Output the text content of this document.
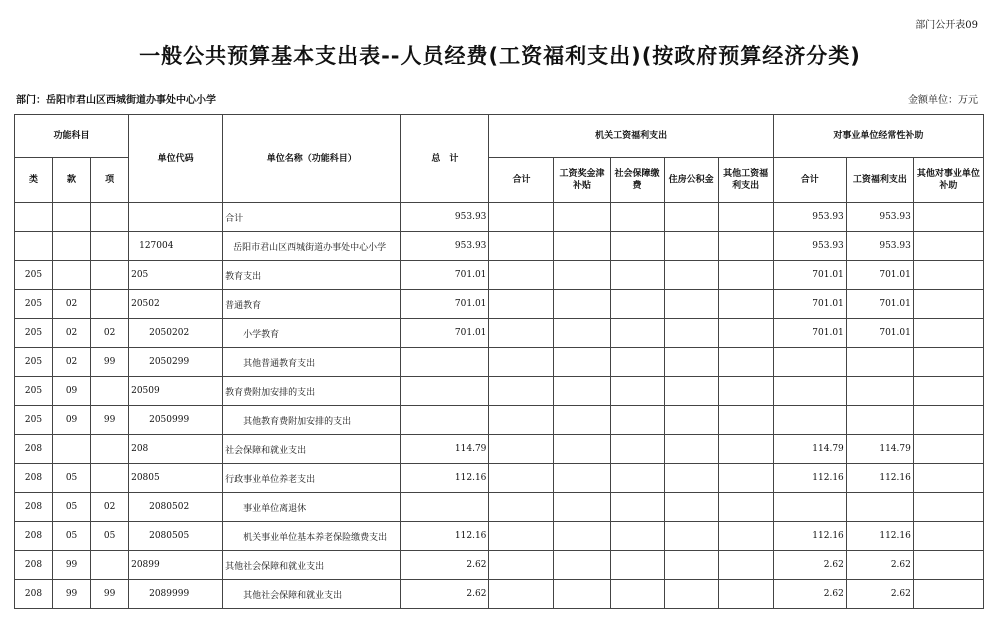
部门公开表09
一般公共预算基本支出表--人员经费(工资福利支出)(按政府预算经济分类)
部门：岳阳市君山区西城街道办事处中心小学	金额单位：万元
功能科目			单位代码	单位名称（功能科目）	总　计	机关工资福利支出					对事业单位经常性补助		
类	款	项				合计	工资奖金津补贴	社会保障缴费	住房公积金	其他工资福利支出	合计	工资福利支出	其他对事业单位补助
				合计	953.93						953.93	953.93	
			127004	岳阳市君山区西城街道办事处中心小学	953.93						953.93	953.93	
205			205	教育支出	701.01						701.01	701.01	
205	02		20502	普通教育	701.01						701.01	701.01	
205	02	02	2050202	小学教育	701.01						701.01	701.01	
205	02	99	2050299	其他普通教育支出									
205	09		20509	教育费附加安排的支出									
205	09	99	2050999	其他教育费附加安排的支出									
208			208	社会保障和就业支出	114.79						114.79	114.79	
208	05		20805	行政事业单位养老支出	112.16						112.16	112.16	
208	05	02	2080502	事业单位离退休									
208	05	05	2080505	机关事业单位基本养老保险缴费支出	112.16						112.16	112.16	
208	99		20899	其他社会保障和就业支出	2.62						2.62	2.62	
208	99	99	2089999	其他社会保障和就业支出	2.62						2.62	2.62	
